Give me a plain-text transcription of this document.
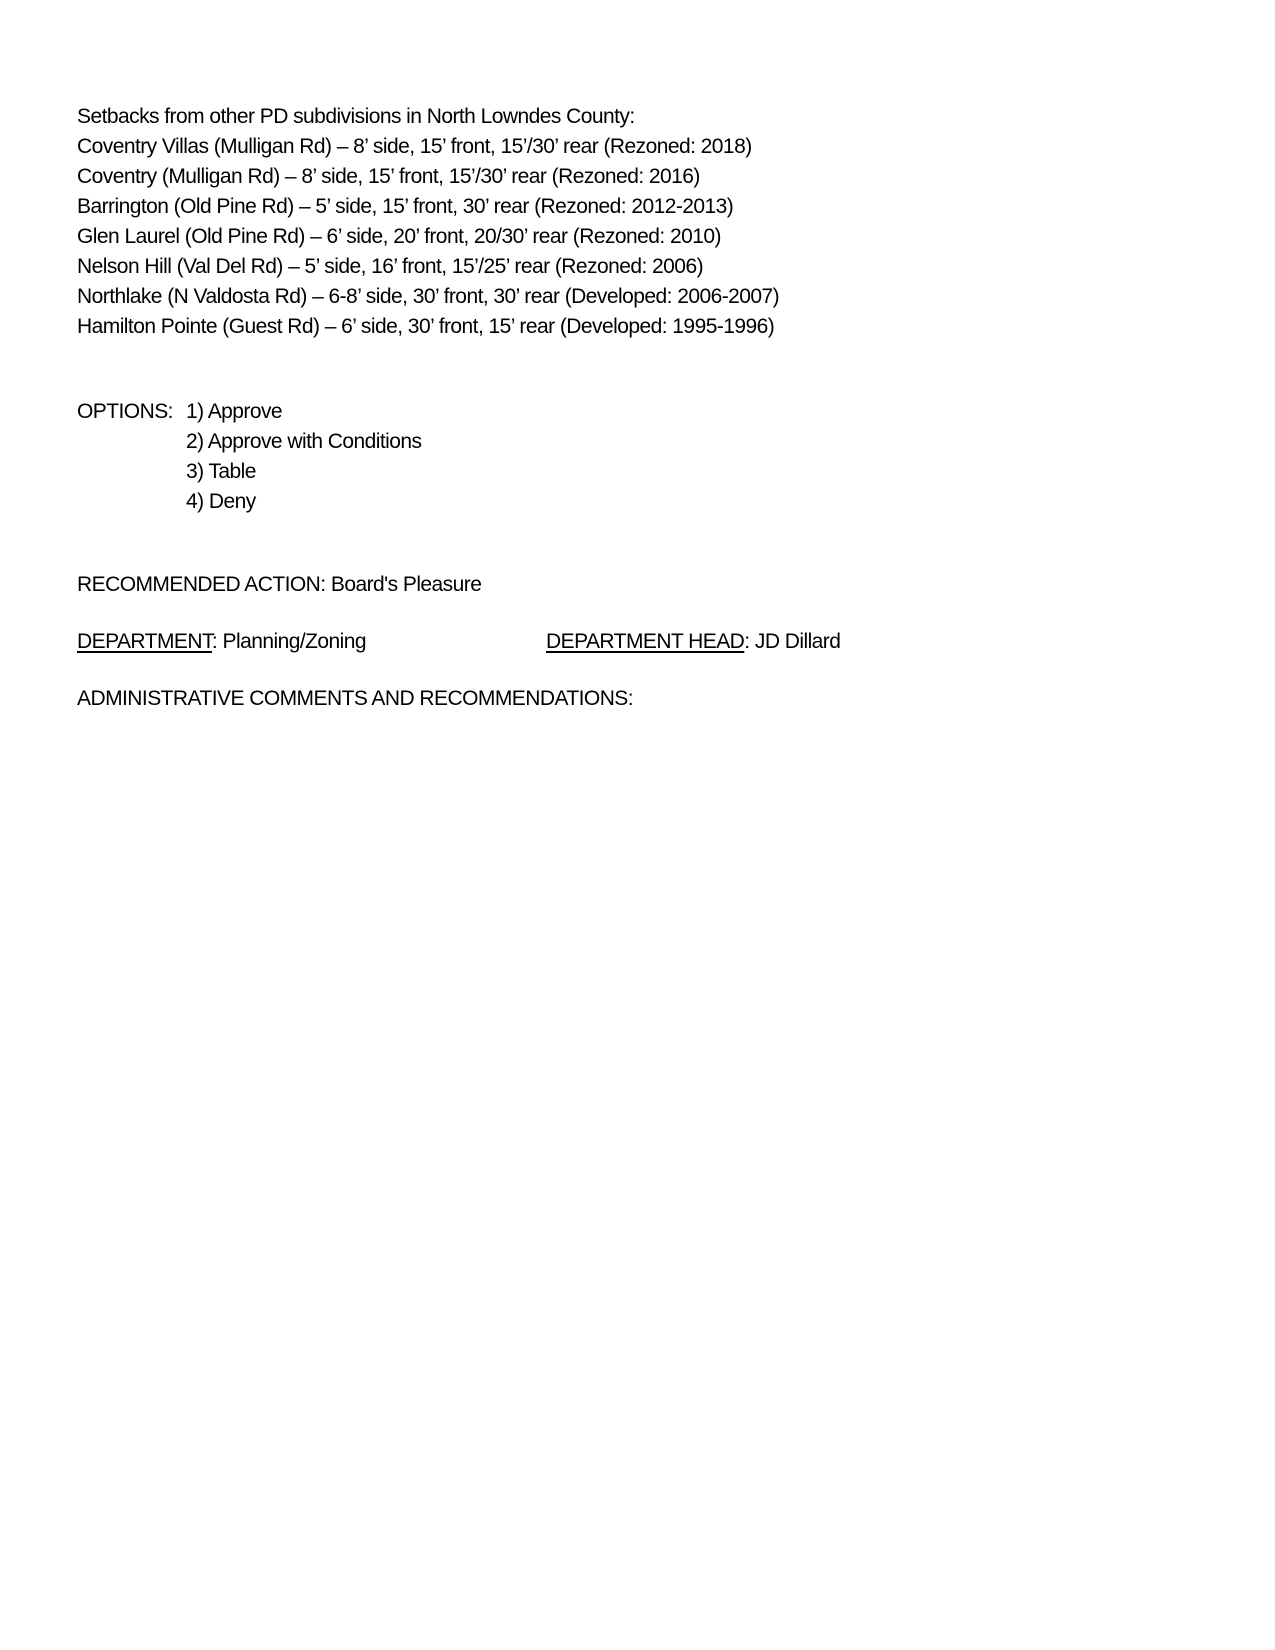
Setbacks from other PD subdivisions in North Lowndes County:
Coventry Villas (Mulligan Rd) – 8’ side, 15’ front, 15’/30’ rear (Rezoned: 2018)
Coventry (Mulligan Rd) – 8’ side, 15’ front, 15’/30’ rear (Rezoned: 2016)
Barrington (Old Pine Rd) – 5’ side, 15’ front, 30’ rear (Rezoned: 2012-2013)
Glen Laurel (Old Pine Rd) – 6’ side, 20’ front, 20/30’ rear (Rezoned: 2010)
Nelson Hill (Val Del Rd) – 5’ side, 16’ front, 15’/25’ rear (Rezoned: 2006)
Northlake (N Valdosta Rd) – 6-8’ side, 30’ front, 30’ rear (Developed: 2006-2007)
Hamilton Pointe (Guest Rd) – 6’ side, 30’ front, 15’ rear (Developed: 1995-1996)
OPTIONS: 1) Approve
2) Approve with Conditions
3) Table
4) Deny
RECOMMENDED ACTION: Board's Pleasure
DEPARTMENT: Planning/Zoning	DEPARTMENT HEAD: JD Dillard
ADMINISTRATIVE COMMENTS AND RECOMMENDATIONS:
